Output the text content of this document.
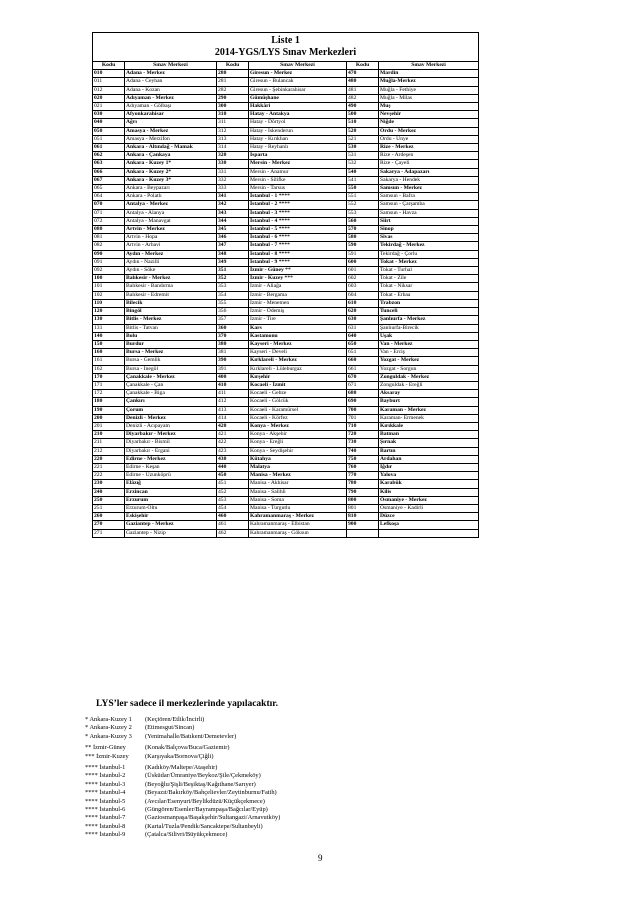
Liste 1
2014-YGS/LYS Sınav Merkezleri					

Kodu	Sınav Merkezi	Kodu	Sınav Merkezi	Kodu	Sınav Merkezi
010	Adana - Merkez	280	Giresun - Merkez	470	Mardin
011	Adana - Ceyhan	281	Giresun - Bulancak	480	Muğla-Merkez
012	Adana - Kozan	282	Giresun - Şebinkarahisar	481	Muğla - Fethiye
020	Adıyaman - Merkez	290	Gümüşhane	482	Muğla - Milas
021	Adıyaman - Gölbaşı	300	Hakkâri	490	Muş
030	Afyonkarahisar	310	Hatay - Antakya	500	Nevşehir
040	Ağrı	311	Hatay - Dörtyol	510	Niğde
050	Amasya - Merkez	312	Hatay - İskenderun	520	Ordu - Merkez
051	Amasya - Merzifon	313	Hatay - Kırıkhan	521	Ordu - Ünye
061	Ankara - Altındağ - Mamak	314	Hatay - Reyhanlı	530	Rize - Merkez
062	Ankara - Çankaya	320	Isparta	531	Rize - Ardeşen
063	Ankara - Kuzey 1*	330	Mersin - Merkez	532	Rize - Çayeli
066	Ankara - Kuzey 2*	331	Mersin - Anamur	540	Sakarya - Adapazarı
067	Ankara - Kuzey 3*	332	Mersin - Silifke	541	Sakarya - Hendek
065	Ankara - Beypazarı	333	Mersin - Tarsus	550	Samsun - Merkez
064	Ankara - Polatlı	341	İstanbul - 1 ****	551	Samsun - Bafra
070	Antalya - Merkez	342	İstanbul - 2 ****	552	Samsun - Çarşamba
071	Antalya - Alanya	343	İstanbul - 3 ****	553	Samsun - Havza
072	Antalya - Manavgat	344	İstanbul - 4 ****	560	Siirt
080	Artvin - Merkez	345	İstanbul - 5 ****	570	Sinop
081	Artvin - Hopa	346	İstanbul - 6 ****	580	Sivas
082	Artvin - Arhavi	347	İstanbul - 7 ****	590	Tekirdağ - Merkez
090	Aydın - Merkez	348	İstanbul - 8 ****	591	Tekirdağ - Çorlu
091	Aydın - Nazilli	349	İstanbul - 9 ****	600	Tokat - Merkez
092	Aydın - Söke	351	İzmir - Güney **	601	Tokat - Turhal
100	Balıkesir - Merkez	352	İzmir - Kuzey ***	602	Tokat - Zile
101	Balıkesir - Bandırma	353	İzmir - Aliağa	603	Tokat - Niksar
102	Balıkesir - Edremit	354	İzmir - Bergama	604	Tokat - Erbaa
110	Bilecik	355	İzmir - Menemen	610	Trabzon
120	Bingöl	356	İzmir - Ödemiş	620	Tunceli
130	Bitlis - Merkez	357	İzmir - Tire	630	Şanlıurfa - Merkez
131	Bitlis - Tatvan	360	Kars	631	Şanlıurfa-Birecik
140	Bolu	370	Kastamonu	640	Uşak
150	Burdur	380	Kayseri - Merkez	650	Van - Merkez
160	Bursa - Merkez	381	Kayseri - Develi	651	Van - Erciş
161	Bursa - Gemlik	390	Kırklareli - Merkez	660	Yozgat - Merkez
162	Bursa - İnegöl	391	Kırklareli - Lüleburgaz	661	Yozgat - Sorgun
170	Çanakkale - Merkez	400	Kırşehir	670	Zonguldak - Merkez
171	Çanakkale - Çan	410	Kocaeli - İzmit	671	Zonguldak - Ereğli
172	Çanakkale - Biga	411	Kocaeli - Gebze	680	Aksaray
180	Çankırı	412	Kocaeli - Gölcük	690	Bayburt
190	Çorum	413	Kocaeli - Karamürsel	700	Karaman - Merkez
200	Denizli - Merkez	414	Kocaeli - Körfez	701	Karaman- Ermenek
201	Denizli - Acıpayam	420	Konya - Merkez	710	Kırıkkale
210	Diyarbakır - Merkez	421	Konya - Akşehir	720	Batman
211	Diyarbakır - Bismil	422	Konya - Ereğli	730	Şırnak
212	Diyarbakır - Ergani	423	Konya - Seydişehir	740	Bartın
220	Edirne - Merkez	430	Kütahya	750	Ardahan
221	Edirne - Keşan	440	Malatya	760	Iğdır
222	Edirne - Uzunköprü	450	Manisa - Merkez	770	Yalova
230	Elâzığ	451	Manisa - Akhisar	780	Karabük
240	Erzincan	452	Manisa - Salihli	790	Kilis
250	Erzurum	453	Manisa - Soma	800	Osmaniye - Merkez
251	Erzurum-Oltu	454	Manisa - Turgutlu	801	Osmaniye - Kadirli
260	Eskişehir	460	Kahramanmaraş - Merkez	810	Düzce
270	Gaziantep - Merkez	461	Kahramanmaraş - Elbistan	900	Lefkoşa
271	Gaziantep - Nizip	462	Kahramanmaraş - Göksun		
LYS’ler sadece il merkezlerinde yapılacaktır.
* Ankara-Kuzey 1	(Keçiören/Etlik/İncirli)
* Ankara-Kuzey 2	(Etimesgut/Sincan)
* Ankara-Kuzey 3	(Yenimahalle/Batıkent/Demetevler)
** İzmir-Güney	(Konak/Balçova/Buca/Gaziemir)
*** İzmir-Kuzey	(Karşıyaka/Bornova/Çiğli)
**** İstanbul-1	(Kadıköy/Maltepe/Ataşehir)
**** İstanbul-2	(Üsküdar/Ümraniye/Beykoz/Şile/Çekmeköy)
**** İstanbul-3	(Beyoğlu/Şişli/Beşiktaş/Kağıthane/Sarıyer)
**** İstanbul-4	(Beyazıt/Bakırköy/Bahçelievler/Zeytinburnu/Fatih)
**** İstanbul-5	(Avcılar/Esenyurt/Beylikdüzü/Küçükçekmece)
**** İstanbul-6	(Güngören/Esenler/Bayrampaşa/Bağcılar/Eyüp)
**** İstanbul-7	(Gaziosmanpaşa/Başakşehir/Sultangazi/Arnavutköy)
**** İstanbul-8	(Kartal/Tuzla/Pendik/Sancaktepe/Sultanbeyli)
**** İstanbul-9	(Çatalca/Silivri/Büyükçekmece)
9
